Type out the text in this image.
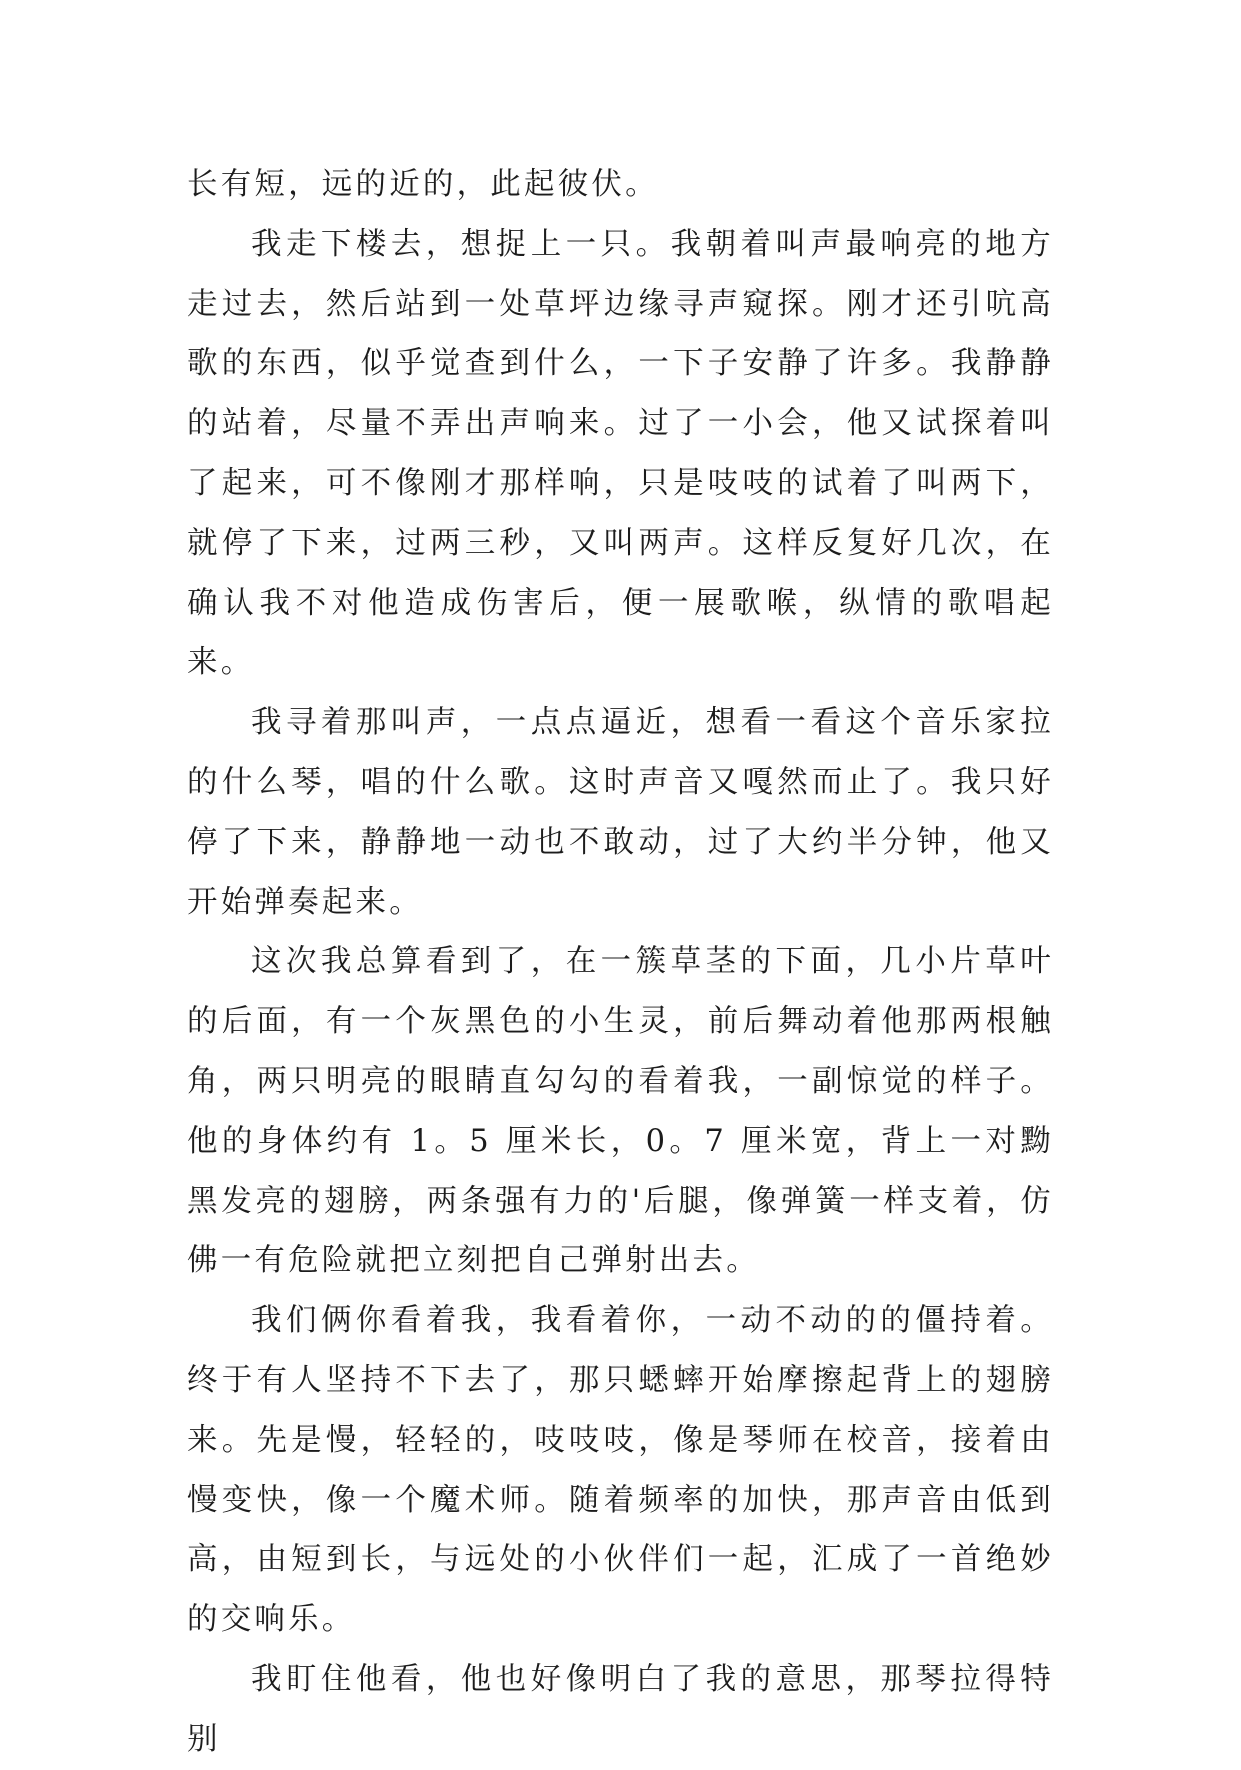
长有短，远的近的，此起彼伏。

我走下楼去，想捉上一只。我朝着叫声最响亮的地方走过去，然后站到一处草坪边缘寻声窥探。刚才还引吭高歌的东西，似乎觉查到什么，一下子安静了许多。我静静的站着，尽量不弄出声响来。过了一小会，他又试探着叫了起来，可不像刚才那样响，只是吱吱的试着了叫两下，就停了下来，过两三秒，又叫两声。这样反复好几次，在确认我不对他造成伤害后，便一展歌喉，纵情的歌唱起来。

我寻着那叫声，一点点逼近，想看一看这个音乐家拉的什么琴，唱的什么歌。这时声音又嘎然而止了。我只好停了下来，静静地一动也不敢动，过了大约半分钟，他又开始弹奏起来。

这次我总算看到了，在一簇草茎的下面，几小片草叶的后面，有一个灰黑色的小生灵，前后舞动着他那两根触角，两只明亮的眼睛直勾勾的看着我，一副惊觉的样子。他的身体约有 1。5 厘米长，0。7 厘米宽，背上一对黝黑发亮的翅膀，两条强有力的'后腿，像弹簧一样支着，仿佛一有危险就把立刻把自己弹射出去。

我们俩你看着我，我看着你，一动不动的的僵持着。终于有人坚持不下去了，那只蟋蟀开始摩擦起背上的翅膀来。先是慢，轻轻的，吱吱吱，像是琴师在校音，接着由慢变快，像一个魔术师。随着频率的加快，那声音由低到高，由短到长，与远处的小伙伴们一起，汇成了一首绝妙的交响乐。

我盯住他看，他也好像明白了我的意思，那琴拉得特别
